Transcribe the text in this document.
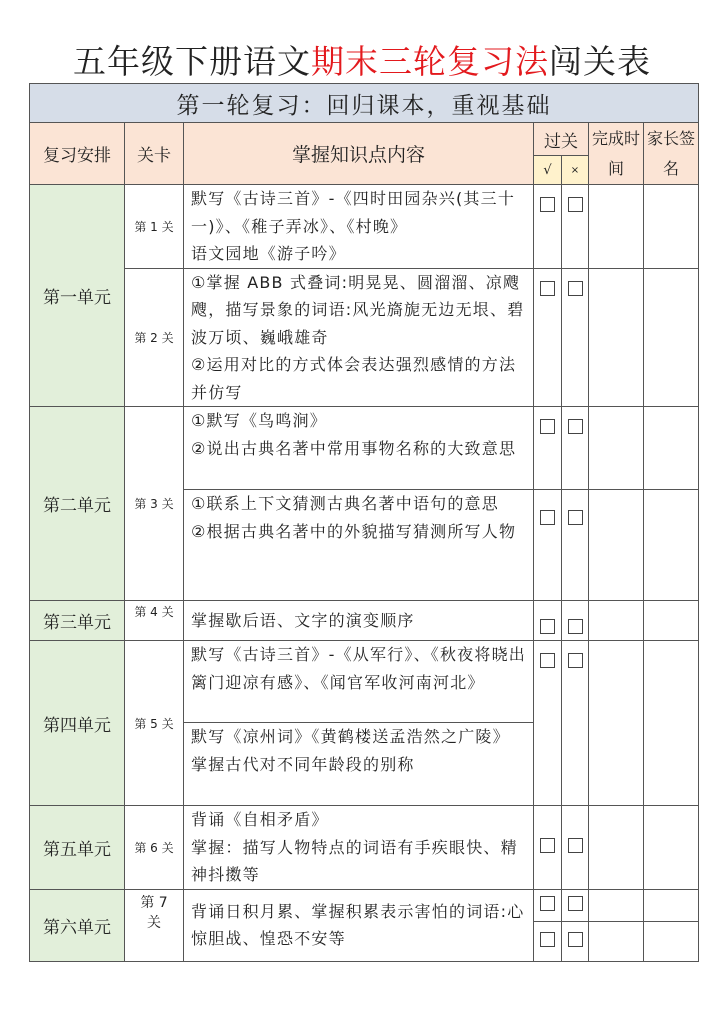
五年级下册语文期末三轮复习法闯关表
第一轮复习：回归课本，重视基础						
复习安排	关卡	掌握知识点内容	过关		完成时间	家长签名
			√	×		
第一单元	第 1 关	默写《古诗三首》-《四时田园杂兴(其三十一)》、《稚子弄冰》、《村晚》
语文园地《游子吟》				
	第 2 关	①掌握 ABB 式叠词:明晃晃、圆溜溜、凉飕飕，描写景象的词语:风光旖旎无边无垠、碧波万顷、巍峨雄奇
②运用对比的方式体会表达强烈感情的方法并仿写				
第二单元	第 3 关	①默写《鸟鸣涧》
②说出古典名著中常用事物名称的大致意思				
		①联系上下文猜测古典名著中语句的意思
②根据古典名著中的外貌描写猜测所写人物				
第三单元	第 4 关	掌握歇后语、文字的演变顺序				
第四单元	第 5 关	默写《古诗三首》-《从军行》、《秋夜将晓出篱门迎凉有感》、《闻官军收河南河北》				
		默写《凉州词》《黄鹤楼送孟浩然之广陵》
掌握古代对不同年龄段的别称				
第五单元	第 6 关	背诵《自相矛盾》
掌握：描写人物特点的词语有手疾眼快、精神抖擞等				
第六单元	第 7 关	背诵日积月累、掌握积累表示害怕的词语:心惊胆战、惶恐不安等				
